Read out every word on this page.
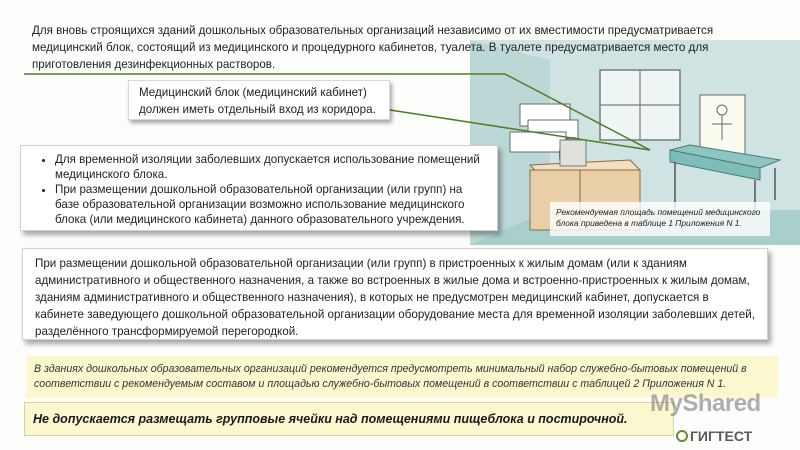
Для вновь строящихся зданий дошкольных образовательных организаций независимо от их вместимости предусматривается медицинский блок, состоящий из медицинского и процедурного кабинетов, туалета. В туалете предусматривается место для приготовления дезинфекционных растворов.
Медицинский блок (медицинский кабинет) должен иметь отдельный вход из коридора.
• Для временной изоляции заболевших допускается использование помещений медицинского блока.
• При размещении дошкольной образовательной организации (или групп) на базе образовательной организации возможно использование медицинского блока (или медицинского кабинета) данного образовательного учреждения.
Рекомендуемая площадь помещений медицинского блока приведена в таблице 1 Приложения N 1.
При размещении дошкольной образовательной организации (или групп) в пристроенных к жилым домам (или к зданиям административного и общественного назначения, а также во встроенных в жилые дома и встроенно-пристроенных к жилым домам, зданиям административного и общественного назначения), в которых не предусмотрен медицинский кабинет, допускается в кабинете заведующего дошкольной образовательной организации оборудование места для временной изоляции заболевших детей, разделённого трансформируемой перегородкой.
В зданиях дошкольных образовательных организаций рекомендуется предусмотреть минимальный набор служебно-бытовых помещений в соответствии с рекомендуемым составом и площадью служебно-бытовых помещений в соответствии с таблицей 2 Приложения N 1.
Не допускается размещать групповые ячейки над помещениями пищеблока и постирочной.
MyShared
ГИГТЕСТ
